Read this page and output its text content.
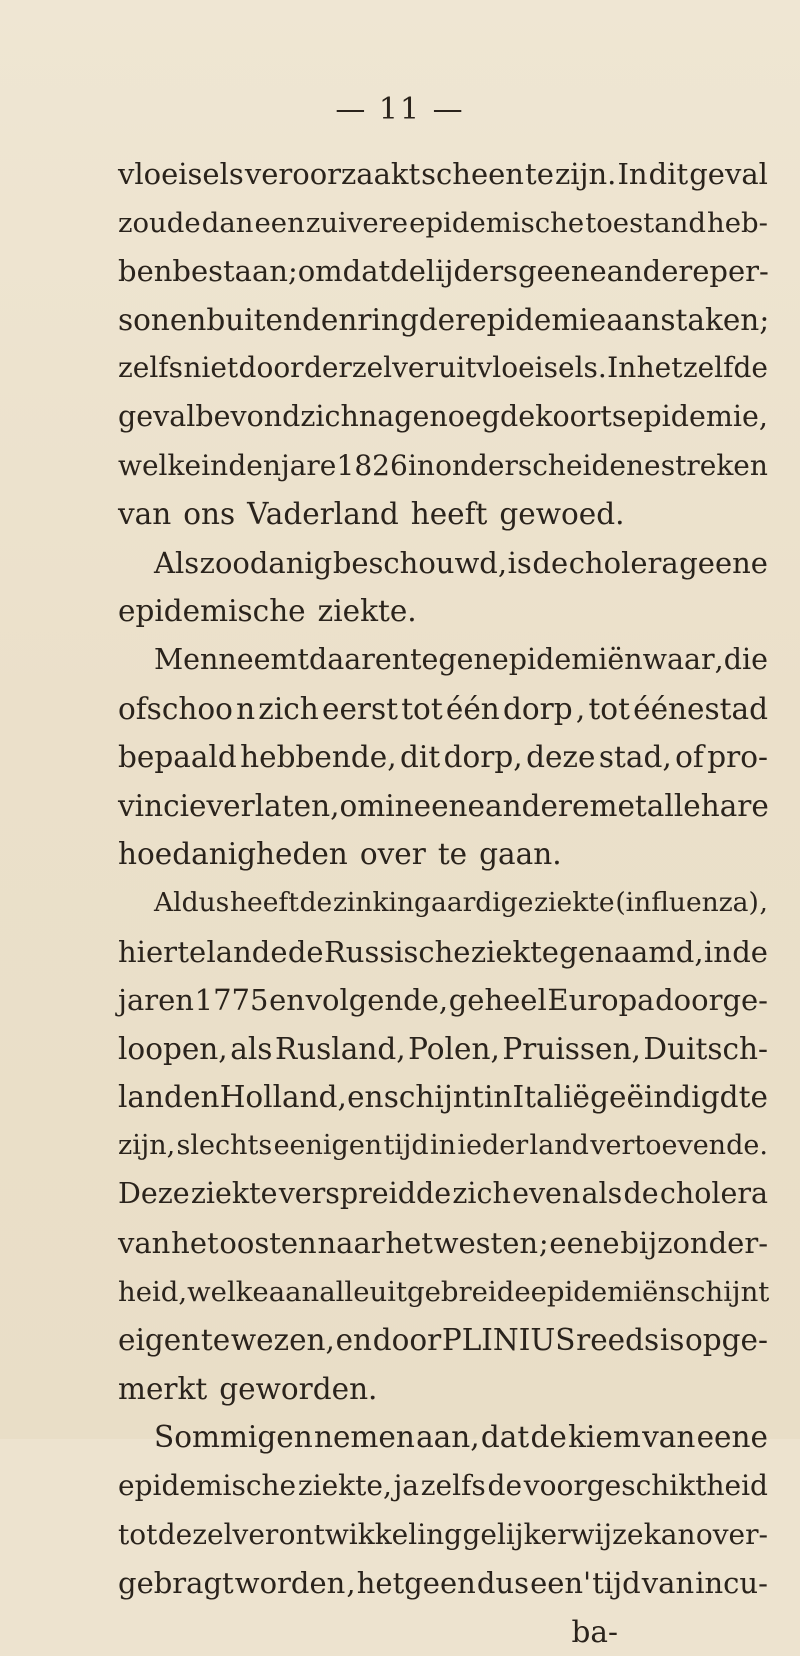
— 11 —
vloeisels veroorzaakt scheen te zijn. In dit geval
zoude dan een zuivere epidemische toestand heb-
ben bestaan ; omdat de lijders geene andere per-
sonen buiten den ring der epidemie aanstaken ;
zelfs niet door derzelver uitvloeisels. In het zelfde
geval bevond zich nagenoeg de koortsepidemie ,
welke in den jare 1826 in onderscheidene streken
van ons Vaderland heeft gewoed.
Als zoodanig beschouwd, is de cholera geene
epidemische ziekte.
Men neemt daarentegen epidemiën waar , die
ofschoo n zich eerst tot één dorp , tot éénestad
bepaald hebbende, dit dorp, deze stad, of pro-
vincie verlaten, om in eene andere met alle hare
hoedanigheden over te gaan.
Aldus heeft de zinkingaardige ziekte (influenza) ,
hier te lande de Russische ziekte genaamd, in de
jaren 1775 en volgende, geheel Europa doorge-
loopen, als Rusland, Polen, Pruissen, Duitsch-
land en Holland, en schijnt in Italië geëindigd te
zijn, slechts eenigen tijd in ieder land vertoevende.
Deze ziekte verspreidde zich even als de cholera
van het oosten naar het westen ; eene bijzonder-
heid , welke aan alle uitgebreide epidemiën schijnt
eigen te wezen, en door PLINIUS reeds is opge-
merkt geworden.
Sommigen nemen aan, dat de kiem van eene
epidemische ziekte, ja zelfs de voorgeschiktheid
tot dezelver ontwikkeling gelijkerwijze kan over-
gebragt worden , hetgeen dus een' tijd van incu-
ba-
